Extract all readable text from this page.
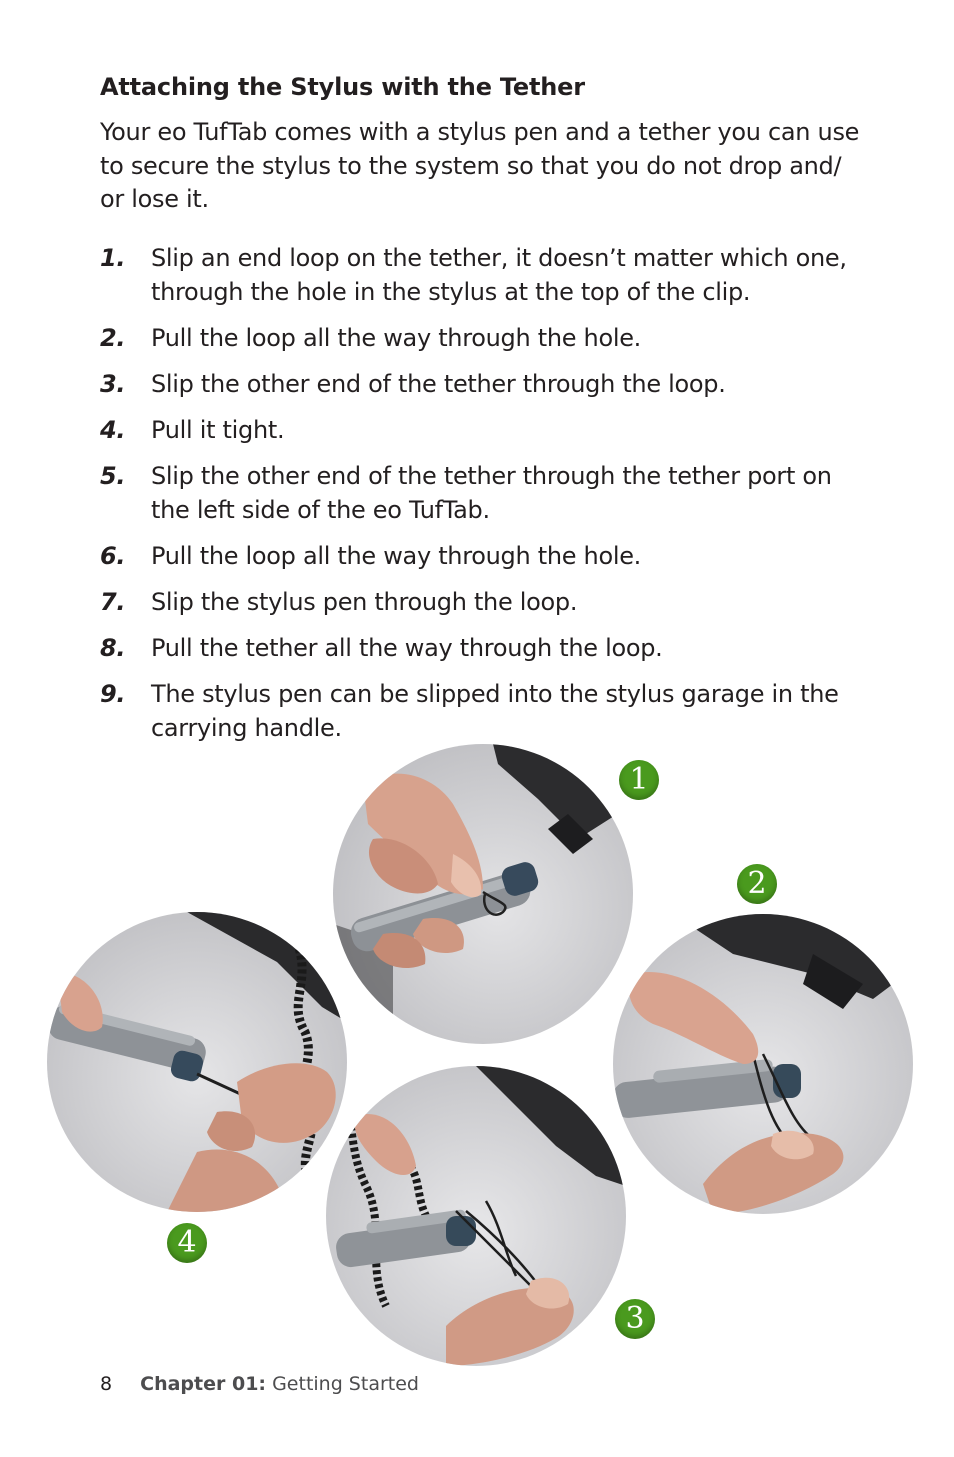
Attaching the Stylus with the Tether
Your eo TufTab comes with a stylus pen and a tether you can use to secure the stylus to the system so that you do not drop and/ or lose it.
1. Slip an end loop on the tether, it doesn’t matter which one, through the hole in the stylus at the top of the clip.
2. Pull the loop all the way through the hole.
3. Slip the other end of the tether through the loop.
4. Pull it tight.
5. Slip the other end of the tether through the tether port on the left side of the eo TufTab.
6. Pull the loop all the way through the hole.
7. Slip the stylus pen through the loop.
8. Pull the tether all the way through the loop.
9. The stylus pen can be slipped into the stylus garage in the carrying handle.
1
2
3
4
8 Chapter 01: Getting Started
